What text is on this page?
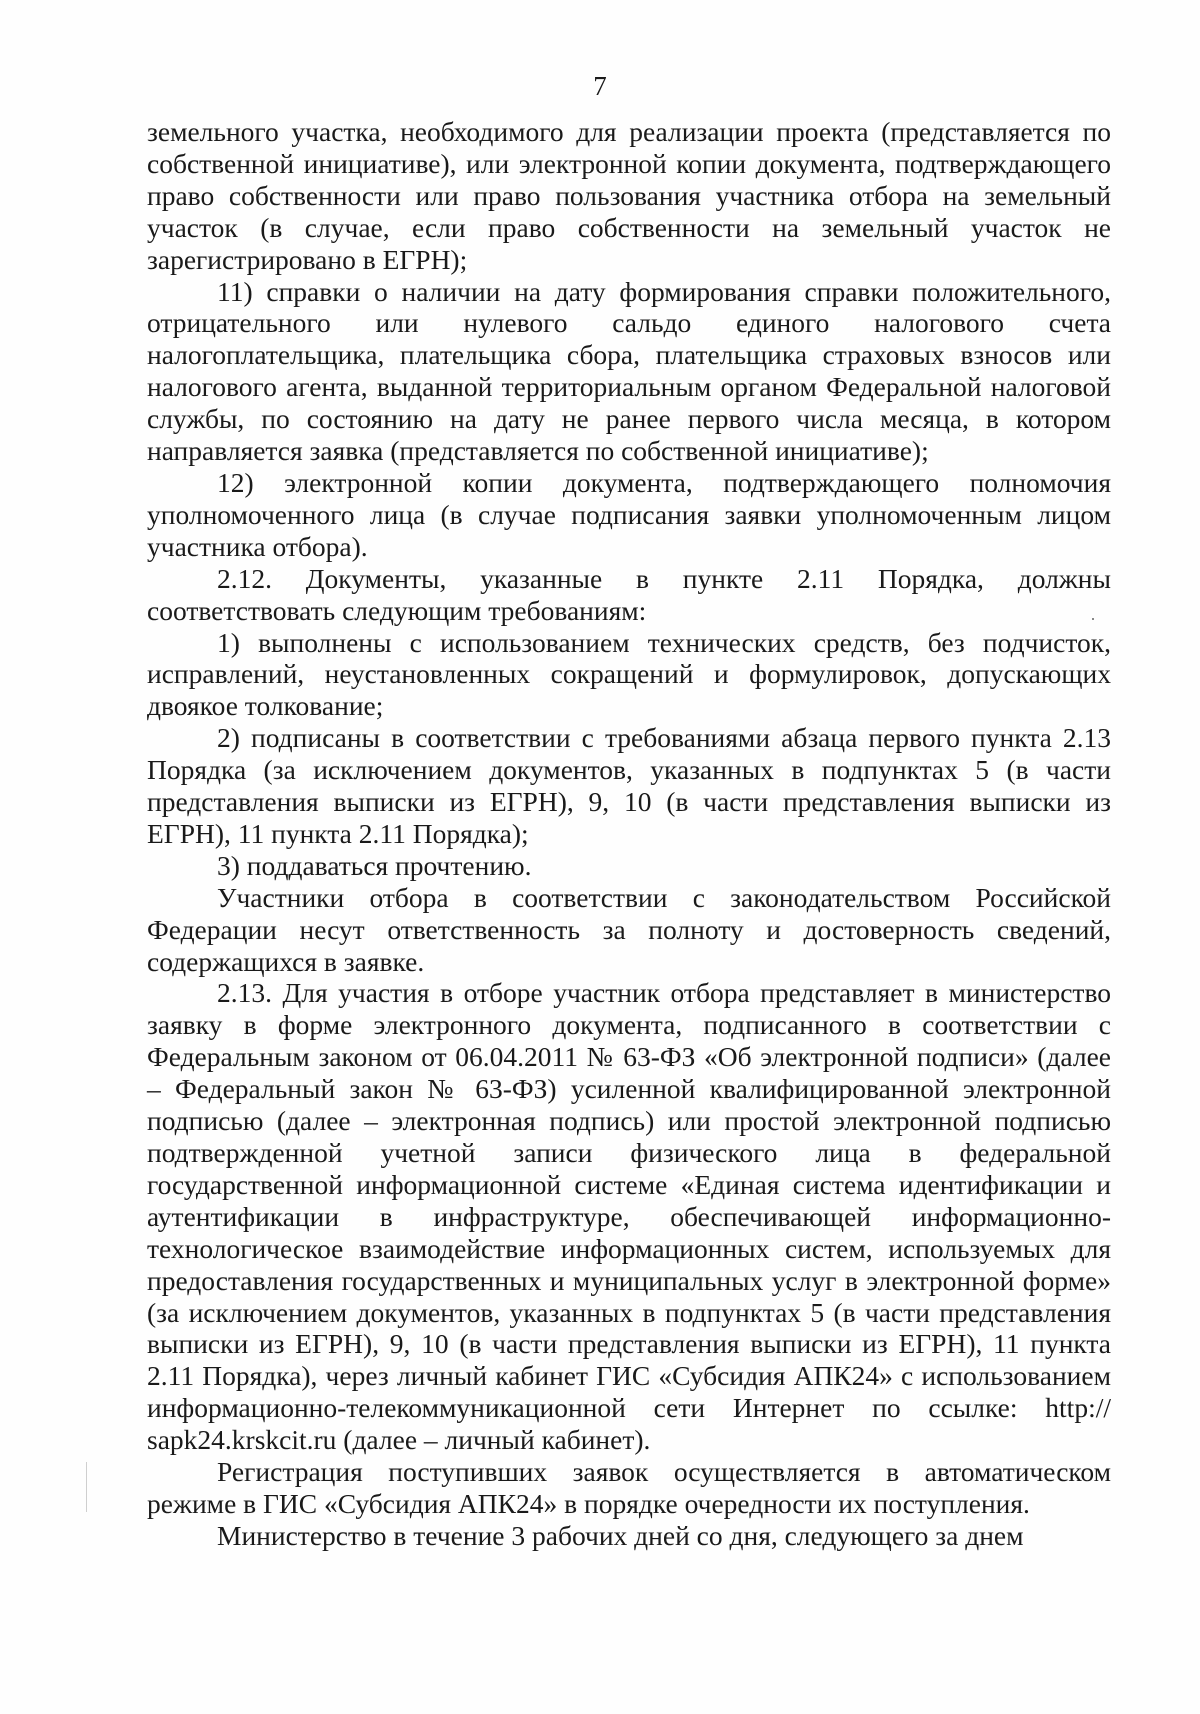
7

земельного участка, необходимого для реализации проекта (представляется по собственной инициативе), или электронной копии документа, подтверждающего право собственности или право пользования участника отбора на земельный участок (в случае, если право собственности на земельный участок не зарегистрировано в ЕГРН);

11) справки о наличии на дату формирования справки положительного, отрицательного или нулевого сальдо единого налогового счета налогоплательщика, плательщика сбора, плательщика страховых взносов или налогового агента, выданной территориальным органом Федеральной налоговой службы, по состоянию на дату не ранее первого числа месяца, в котором направляется заявка (представляется по собственной инициативе);

12) электронной копии документа, подтверждающего полномочия уполномоченного лица (в случае подписания заявки уполномоченным лицом участника отбора).

2.12. Документы, указанные в пункте 2.11 Порядка, должны соответствовать следующим требованиям:

1) выполнены с использованием технических средств, без подчисток, исправлений, неустановленных сокращений и формулировок, допускающих двоякое толкование;

2) подписаны в соответствии с требованиями абзаца первого пункта 2.13 Порядка (за исключением документов, указанных в подпунктах 5 (в части представления выписки из ЕГРН), 9, 10 (в части представления выписки из ЕГРН), 11 пункта 2.11 Порядка);

3) поддаваться прочтению.

Участники отбора в соответствии с законодательством Российской Федерации несут ответственность за полноту и достоверность сведений, содержащихся в заявке.

2.13. Для участия в отборе участник отбора представляет в министерство заявку в форме электронного документа, подписанного в соответствии с Федеральным законом от 06.04.2011 № 63-ФЗ «Об электронной подписи» (далее – Федеральный закон № 63-ФЗ) усиленной квалифицированной электронной подписью (далее – электронная подпись) или простой электронной подписью подтвержденной учетной записи физического лица в федеральной государственной информационной системе «Единая система идентификации и аутентификации в инфраструктуре, обеспечивающей информационно-технологическое взаимодействие информационных систем, используемых для предоставления государственных и муниципальных услуг в электронной форме» (за исключением документов, указанных в подпунктах 5 (в части представления выписки из ЕГРН), 9, 10 (в части представления выписки из ЕГРН), 11 пункта 2.11 Порядка), через личный кабинет ГИС «Субсидия АПК24» с использованием информационно-телекоммуникационной сети Интернет по ссылке: http:// sapk24.krskcit.ru (далее – личный кабинет).

Регистрация поступивших заявок осуществляется в автоматическом режиме в ГИС «Субсидия АПК24» в порядке очередности их поступления.

Министерство в течение 3 рабочих дней со дня, следующего за днем
